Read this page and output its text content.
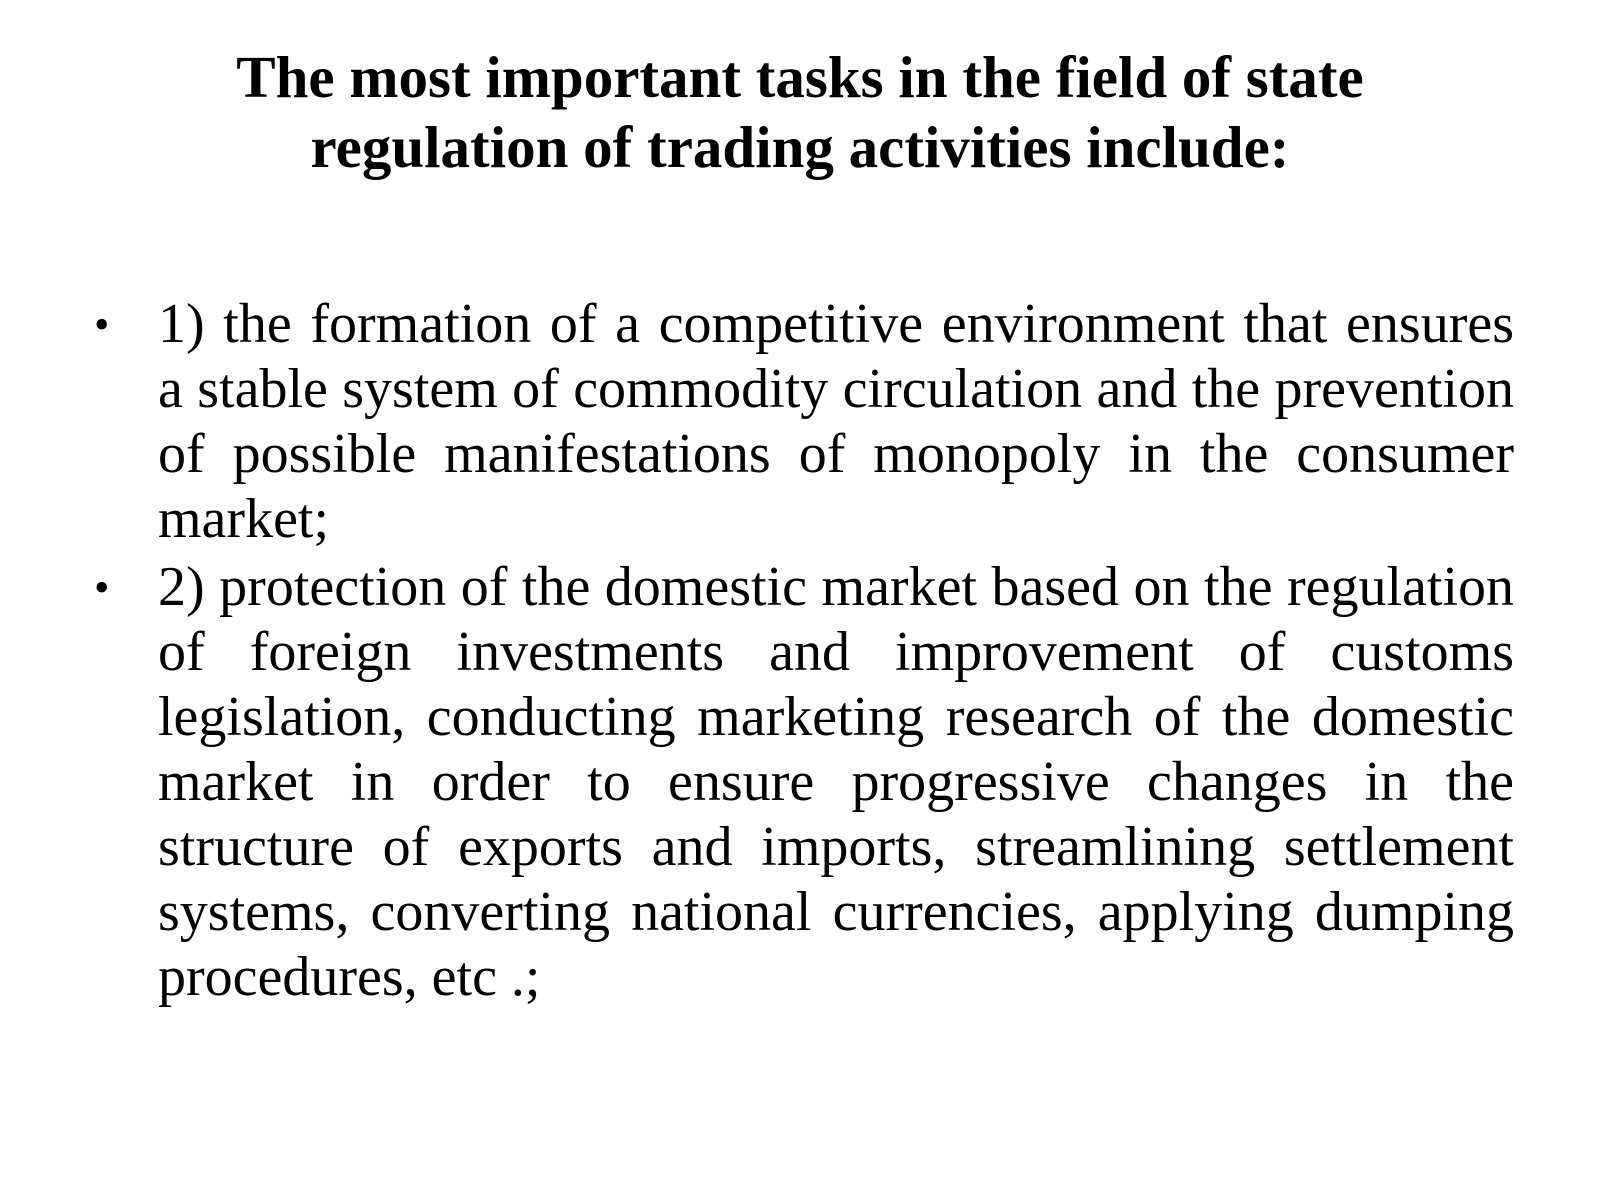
The most important tasks in the field of state regulation of trading activities include:
• 1) the formation of a competitive environment that ensures a stable system of commodity circulation and the prevention of possible manifestations of monopoly in the consumer market;
• 2) protection of the domestic market based on the regulation of foreign investments and improvement of customs legislation, conducting marketing research of the domestic market in order to ensure progressive changes in the structure of exports and imports, streamlining settlement systems, converting national currencies, applying dumping procedures, etc .;
